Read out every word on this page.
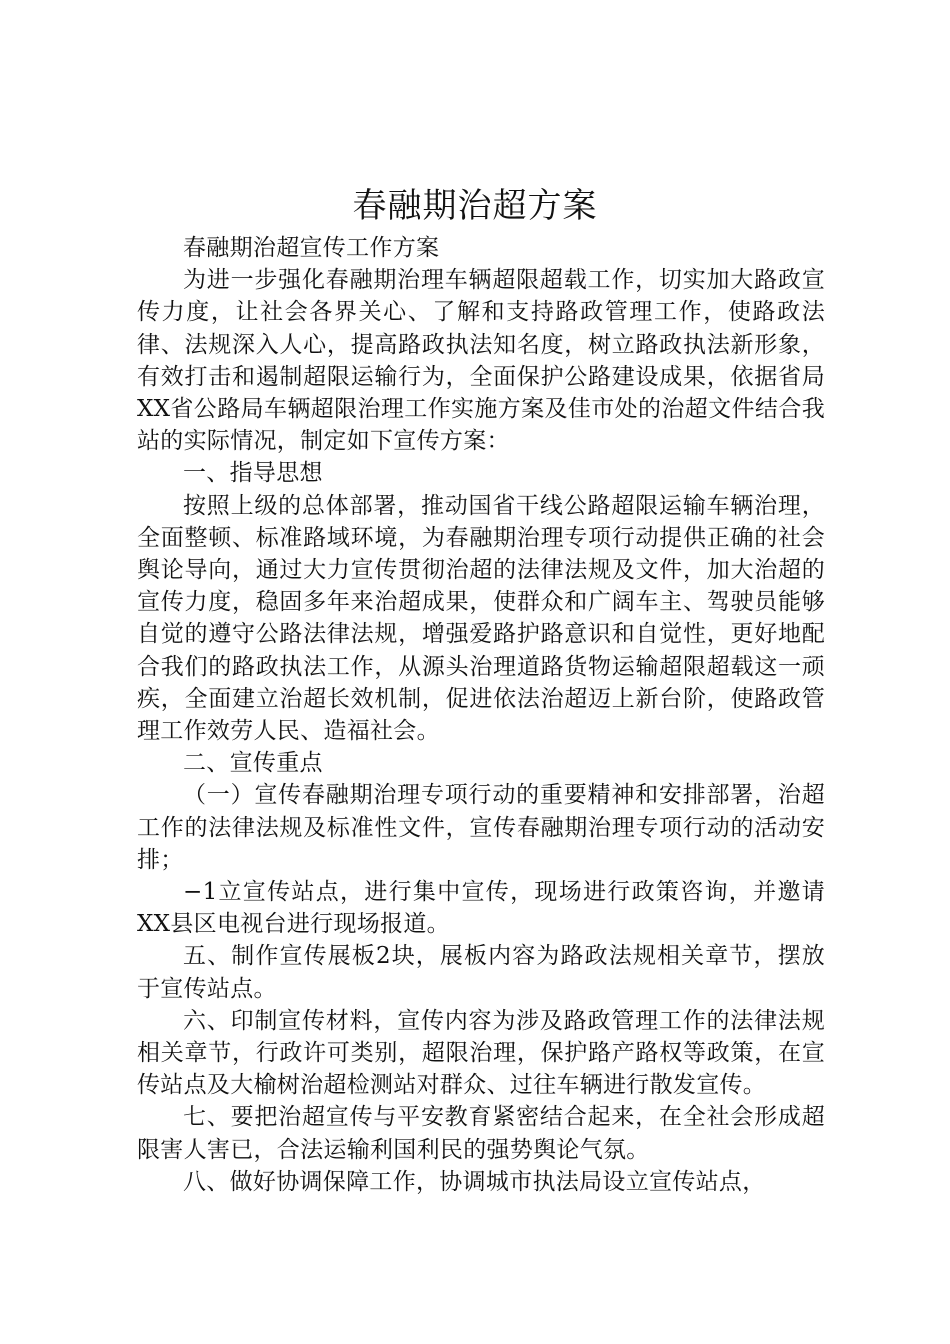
春融期治超方案

春融期治超宣传工作方案

为进一步强化春融期治理车辆超限超载工作，切实加大路政宣传力度，让社会各界关心、了解和支持路政管理工作，使路政法律、法规深入人心，提高路政执法知名度，树立路政执法新形象，有效打击和遏制超限运输行为，全面保护公路建设成果，依据省局XX省公路局车辆超限治理工作实施方案及佳市处的治超文件结合我站的实际情况，制定如下宣传方案：

一、指导思想

按照上级的总体部署，推动国省干线公路超限运输车辆治理，全面整顿、标准路域环境，为春融期治理专项行动提供正确的社会舆论导向，通过大力宣传贯彻治超的法律法规及文件，加大治超的宣传力度，稳固多年来治超成果，使群众和广阔车主、驾驶员能够自觉的遵守公路法律法规，增强爱路护路意识和自觉性，更好地配合我们的路政执法工作，从源头治理道路货物运输超限超载这一顽疾，全面建立治超长效机制，促进依法治超迈上新台阶，使路政管理工作效劳人民、造福社会。

二、宣传重点

（一）宣传春融期治理专项行动的重要精神和安排部署，治超工作的法律法规及标准性文件，宣传春融期治理专项行动的活动安排；

−1立宣传站点，进行集中宣传，现场进行政策咨询，并邀请XX县区电视台进行现场报道。

五、制作宣传展板2块，展板内容为路政法规相关章节，摆放于宣传站点。

六、印制宣传材料，宣传内容为涉及路政管理工作的法律法规相关章节，行政许可类别，超限治理，保护路产路权等政策，在宣传站点及大榆树治超检测站对群众、过往车辆进行散发宣传。

七、要把治超宣传与平安教育紧密结合起来，在全社会形成超限害人害已，合法运输利国利民的强势舆论气氛。

八、做好协调保障工作，协调城市执法局设立宣传站点，
